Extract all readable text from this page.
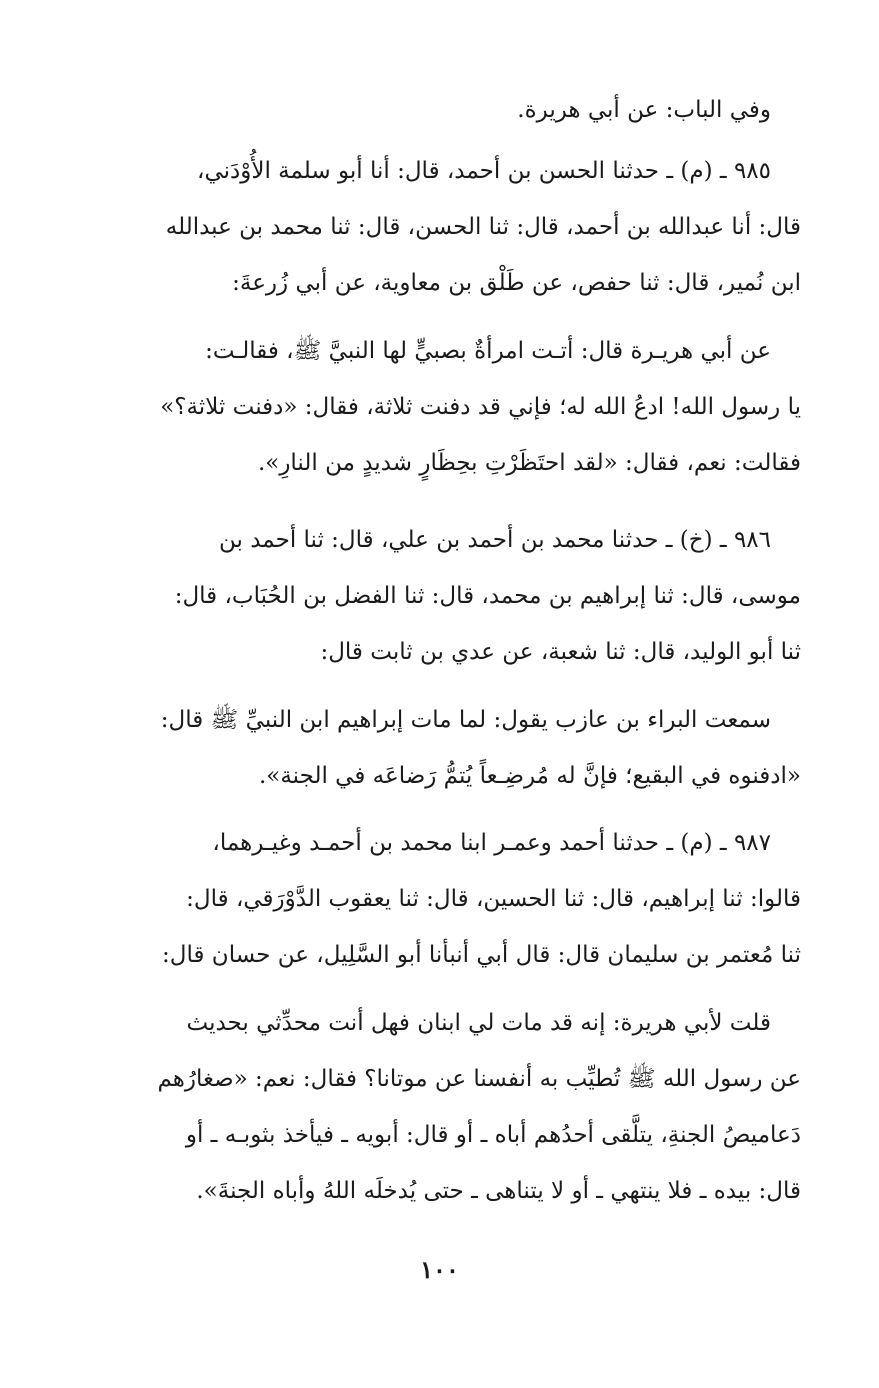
وفي الباب: عن أبي هريرة.
٩٨٥ ـ (م) ـ حدثنا الحسن بن أحمد، قال: أنا أبو سلمة الأُوْدَني،
قال: أنا عبدالله بن أحمد، قال: ثنا الحسن، قال: ثنا محمد بن عبدالله
ابن نُمير، قال: ثنا حفص، عن طَلْق بن معاوية، عن أبي زُرعةَ:
عن أبي هريـرة قال: أتـت امرأةٌ بصبيٍّ لها النبيَّ ﷺ، فقالـت:
يا رسول الله! ادعُ الله له؛ فإني قد دفنت ثلاثة، فقال: «دفنت ثلاثة؟»
فقالت: نعم، فقال: «لقد احتَظَرْتِ بحِظَارٍ شديدٍ من النارِ».
٩٨٦ ـ (خ) ـ حدثنا محمد بن أحمد بن علي، قال: ثنا أحمد بن
موسى، قال: ثنا إبراهيم بن محمد، قال: ثنا الفضل بن الحُبَاب، قال:
ثنا أبو الوليد، قال: ثنا شعبة، عن عدي بن ثابت قال:
سمعت البراء بن عازب يقول: لما مات إبراهيم ابن النبيِّ ﷺ قال:
«ادفنوه في البقيع؛ فإنَّ له مُرضِـعاً يُتمُّ رَضاعَه في الجنة».
٩٨٧ ـ (م) ـ حدثنا أحمد وعمـر ابنا محمد بن أحمـد وغيـرهما،
قالوا: ثنا إبراهيم، قال: ثنا الحسين، قال: ثنا يعقوب الدَّوْرَقي، قال:
ثنا مُعتمر بن سليمان قال: قال أبي أنبأنا أبو السَّلِيل، عن حسان قال:
قلت لأبي هريرة: إنه قد مات لي ابنان فهل أنت محدِّثي بحديث
عن رسول الله ﷺ تُطيِّب به أنفسنا عن موتانا؟ فقال: نعم: «صغارُهم
دَعاميصُ الجنةِ، يتلَّقى أحدُهم أباه ـ أو قال: أبويه ـ فيأخذ بثوبـه ـ أو
قال: بيده ـ فلا ينتهي ـ أو لا يتناهى ـ حتى يُدخلَه اللهُ وأباه الجنةَ».
١٠٠
